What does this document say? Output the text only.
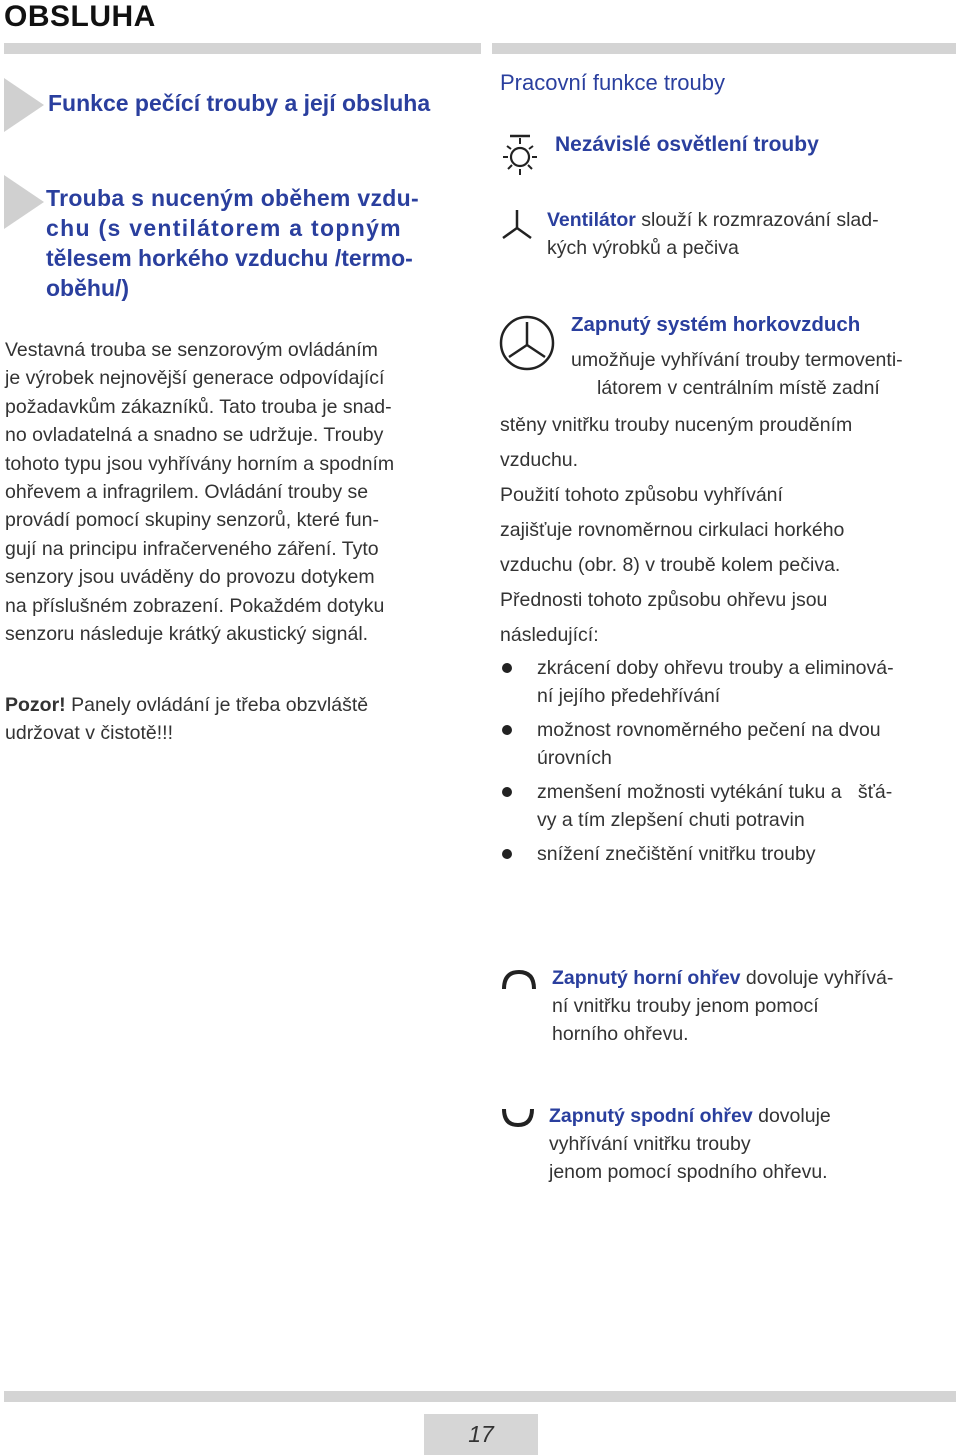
OBSLUHA
Funkce pečící trouby a její obsluha
Trouba s nuceným oběhem vzdu-
chu (s ventilátorem a topným
tělesem horkého vzduchu /termo-
oběhu/)
Vestavná trouba se senzorovým ovládáním
je výrobek nejnovější generace odpovídající
požadavkům zákazníků. Tato trouba je snad-
no ovladatelná a snadno se udržuje. Trouby
tohoto typu jsou vyhřívány horním a spodním
ohřevem a infragrilem. Ovládání trouby se
provádí pomocí skupiny senzorů, které fun-
gují na principu infračerveného záření. Tyto
senzory jsou uváděny do provozu dotykem
na příslušném zobrazení. Pokaždém dotyku
senzoru následuje krátký akustický signál.
Pozor! Panely ovládání je třeba obzvláště
udržovat v čistotě!!!
Pracovní funkce trouby
Nezávislé osvětlení trouby
Ventilátor slouží k rozmrazování slad-
kých výrobků a pečiva
Zapnutý systém horkovzduch
umožňuje vyhřívání trouby termoventi-
látorem v centrálním místě zadní
stěny vnitřku trouby nuceným prouděním
vzduchu.
Použití tohoto způsobu vyhřívání
zajišťuje rovnoměrnou cirkulaci horkého
vzduchu (obr. 8) v troubě kolem pečiva.
Přednosti tohoto způsobu ohřevu jsou
následující:
zkrácení doby ohřevu trouby a eliminová-
ní jejího předehřívání
možnost rovnoměrného pečení na dvou
úrovních
zmenšení možnosti vytékání tuku a   šťá-
vy a tím zlepšení chuti potravin
snížení znečištění vnitřku trouby
Zapnutý horní ohřev dovoluje vyhřívá-
ní vnitřku trouby jenom pomocí
horního ohřevu.
Zapnutý spodní ohřev dovoluje
vyhřívání vnitřku trouby
jenom pomocí spodního ohřevu.
17
